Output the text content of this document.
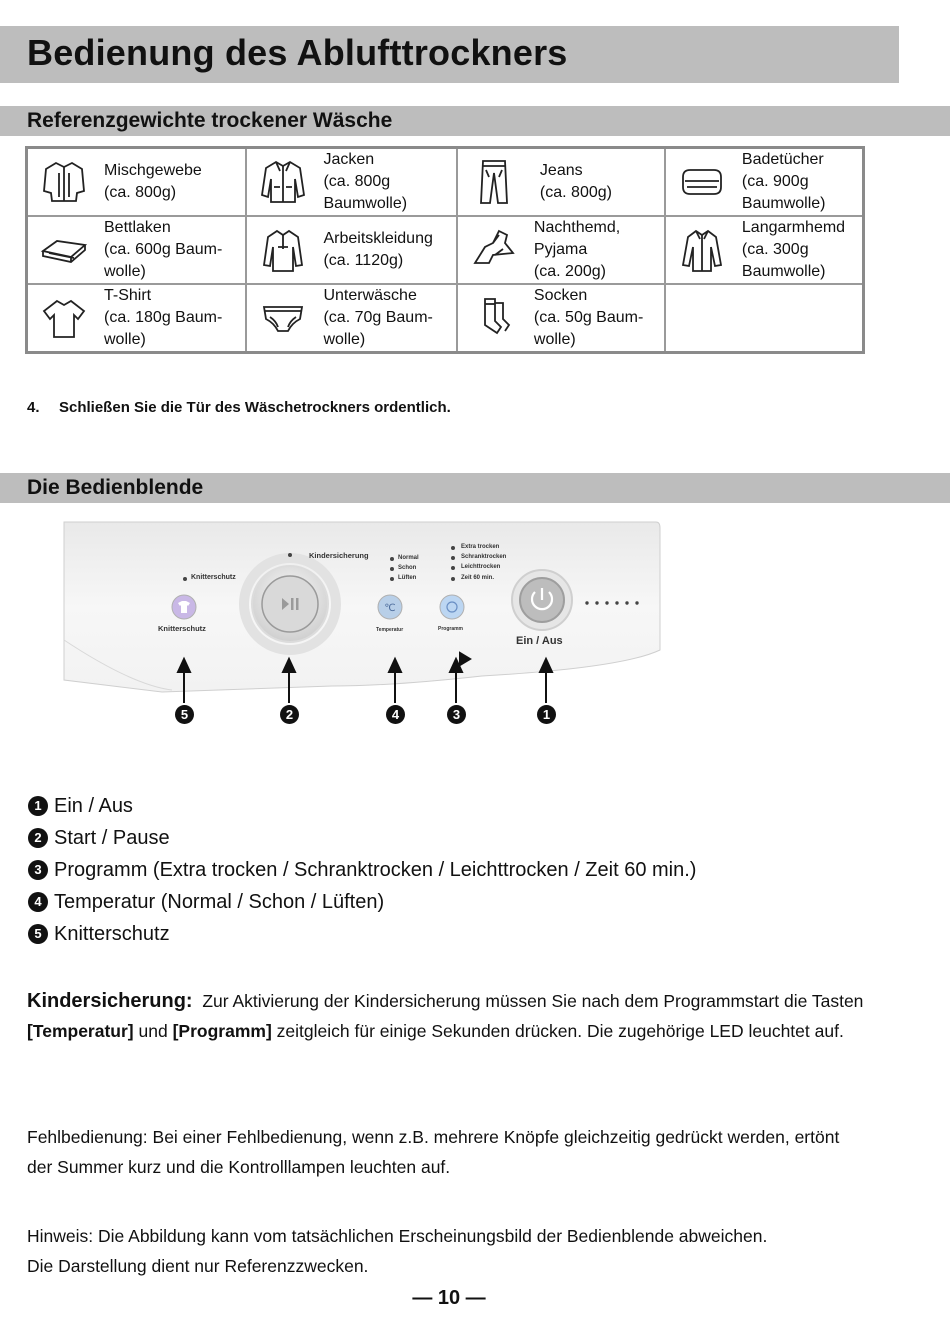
Bedienung des Ablufttrockners
Referenzgewichte trockener Wäsche
Mischgewebe
(ca. 800g)	Jacken
(ca. 800g
Baumwolle)	Jeans
(ca. 800g)	Badetücher
(ca. 900g
Baumwolle)

Bettlaken
(ca. 600g Baum-
wolle)	Arbeitskleidung
(ca. 1120g)	Nachthemd,
Pyjama
(ca. 200g)	Langarmhemd
(ca. 300g
Baumwolle)

T-Shirt
(ca. 180g Baum-
wolle)	Unterwäsche
(ca. 70g Baum-
wolle)	Socken
(ca. 50g Baum-
wolle)	

4. Schließen Sie die Tür des Wäschetrockners ordentlich.
Die Bedienblende
℃
Knitterschutz
Knitterschutz
Kindersicherung	Normal
Schon
Lüften
Temperatur
Extra trocken
Schranktrocken
Leichttrocken
Zeit 60 min.
Programm
Ein / Aus
5	2	4	3	1
1 Ein / Aus
2 Start / Pause
3 Programm (Extra trocken / Schranktrocken / Leichttrocken / Zeit 60 min.)
4 Temperatur (Normal / Schon / Lüften)
5 Knitterschutz

Kindersicherung: Zur Aktivierung der Kindersicherung müssen Sie nach dem Programmstart die Tasten [Temperatur] und [Programm] zeitgleich für einige Sekunden drücken. Die zugehörige LED leuchtet auf.

Fehlbedienung: Bei einer Fehlbedienung, wenn z.B. mehrere Knöpfe gleichzeitig gedrückt werden, ertönt der Summer kurz und die Kontrolllampen leuchten auf.

Hinweis: Die Abbildung kann vom tatsächlichen Erscheinungsbild der Bedienblende abweichen.
Die Darstellung dient nur Referenzzwecken.
— 10 —
